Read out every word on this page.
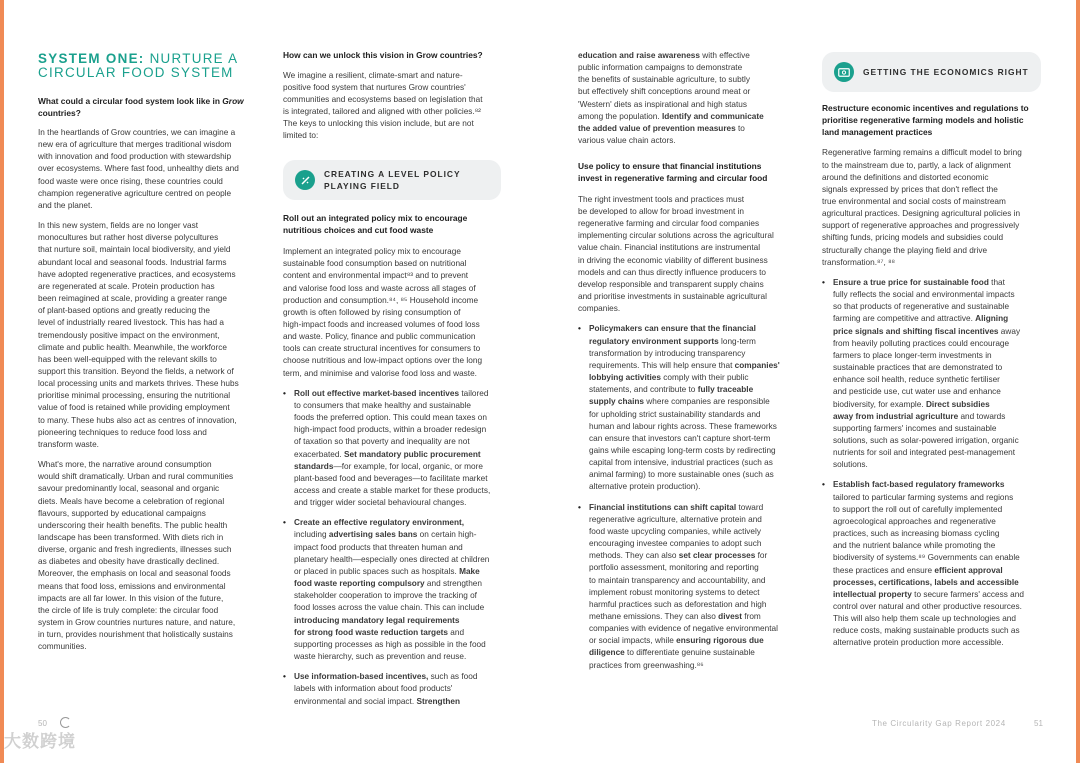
SYSTEM ONE: NURTURE A
CIRCULAR FOOD SYSTEM
What could a circular food system look like in Grow
countries?

In the heartlands of Grow countries, we can imagine a
new era of agriculture that merges traditional wisdom
with innovation and food production with stewardship
over ecosystems. Where fast food, unhealthy diets and
food waste were once rising, these countries could
champion regenerative agriculture centred on people
and the planet.

In this new system, fields are no longer vast
monocultures but rather host diverse polycultures
that nurture soil, maintain local biodiversity, and yield
abundant local and seasonal foods. Industrial farms
have adopted regenerative practices, and ecosystems
are regenerated at scale. Protein production has
been reimagined at scale, providing a greater range
of plant-based options and greatly reducing the
level of industrially reared livestock. This has had a
tremendously positive impact on the environment,
climate and public health. Meanwhile, the workforce
has been well-equipped with the relevant skills to
support this transition. Beyond the fields, a network of
local processing units and markets thrives. These hubs
prioritise minimal processing, ensuring the nutritional
value of food is retained while providing employment
to many. These hubs also act as centres of innovation,
pioneering techniques to reduce food loss and
transform waste.

What's more, the narrative around consumption
would shift dramatically. Urban and rural communities
savour predominantly local, seasonal and organic
diets. Meals have become a celebration of regional
flavours, supported by educational campaigns
underscoring their health benefits. The public health
landscape has been transformed. With diets rich in
diverse, organic and fresh ingredients, illnesses such
as diabetes and obesity have drastically declined.
Moreover, the emphasis on local and seasonal foods
means that food loss, emissions and environmental
impacts are all far lower. In this vision of the future,
the circle of life is truly complete: the circular food
system in Grow countries nurtures nature, and nature,
in turn, provides nourishment that holistically sustains
communities.

How can we unlock this vision in Grow countries?

We imagine a resilient, climate-smart and nature-
positive food system that nurtures Grow countries'
communities and ecosystems based on legislation that
is integrated, tailored and aligned with other policies.⁸²
The keys to unlocking this vision include, but are not
limited to:

CREATING A LEVEL POLICY
PLAYING FIELD
Roll out an integrated policy mix to encourage
nutritious choices and cut food waste

Implement an integrated policy mix to encourage
sustainable food consumption based on nutritional
content and environmental impact⁸³ and to prevent
and valorise food loss and waste across all stages of
production and consumption.⁸⁴, ⁸⁵ Household income
growth is often followed by rising consumption of
high-impact foods and increased volumes of food loss
and waste. Policy, finance and public communication
tools can create structural incentives for consumers to
choose nutritious and low-impact options over the long
term, and minimise and valorise food loss and waste.

• Roll out effective market-based incentives tailored
to consumers that make healthy and sustainable
foods the preferred option. This could mean taxes on
high-impact food products, within a broader redesign
of taxation so that poverty and inequality are not
exacerbated. Set mandatory public procurement
standards—for example, for local, organic, or more
plant-based food and beverages—to facilitate market
access and create a stable market for these products,
and trigger wider societal behavioural changes.
• Create an effective regulatory environment,
including advertising sales bans on certain high-
impact food products that threaten human and
planetary health—especially ones directed at children
or placed in public spaces such as hospitals. Make
food waste reporting compulsory and strengthen
stakeholder cooperation to improve the tracking of
food losses across the value chain. This can include
introducing mandatory legal requirements
for strong food waste reduction targets and
supporting processes as high as possible in the food
waste hierarchy, such as prevention and reuse.
• Use information-based incentives, such as food
labels with information about food products'
environmental and social impact. Strengthen

education and raise awareness with effective
public information campaigns to demonstrate
the benefits of sustainable agriculture, to subtly
but effectively shift conceptions around meat or
'Western' diets as inspirational and high status
among the population. Identify and communicate
the added value of prevention measures to
various value chain actors.

Use policy to ensure that financial institutions
invest in regenerative farming and circular food

The right investment tools and practices must
be developed to allow for broad investment in
regenerative farming and circular food companies
implementing circular solutions across the agricultural
value chain. Financial institutions are instrumental
in driving the economic viability of different business
models and can thus directly influence producers to
develop responsible and transparent supply chains
and prioritise investments in sustainable agricultural
companies.

• Policymakers can ensure that the financial
regulatory environment supports long-term
transformation by introducing transparency
requirements. This will help ensure that companies'
lobbying activities comply with their public
statements, and contribute to fully traceable
supply chains where companies are responsible
for upholding strict sustainability standards and
human and labour rights across. These frameworks
can ensure that investors can't capture short-term
gains while escaping long-term costs by redirecting
capital from intensive, industrial practices (such as
animal farming) to more sustainable ones (such as
alternative protein production).
• Financial institutions can shift capital toward
regenerative agriculture, alternative protein and
food waste upcycling companies, while actively
encouraging investee companies to adopt such
methods. They can also set clear processes for
portfolio assessment, monitoring and reporting
to maintain transparency and accountability, and
implement robust monitoring systems to detect
harmful practices such as deforestation and high
methane emissions. They can also divest from
companies with evidence of negative environmental
or social impacts, while ensuring rigorous due
diligence to differentiate genuine sustainable
practices from greenwashing.⁸⁶
GETTING THE ECONOMICS RIGHT
Restructure economic incentives and regulations to
prioritise regenerative farming models and holistic
land management practices

Regenerative farming remains a difficult model to bring
to the mainstream due to, partly, a lack of alignment
around the definitions and distorted economic
signals expressed by prices that don't reflect the
true environmental and social costs of mainstream
agricultural practices. Designing agricultural policies in
support of regenerative approaches and progressively
shifting funds, pricing models and subsidies could
structurally change the playing field and drive
transformation.⁸⁷, ⁸⁸

• Ensure a true price for sustainable food that
fully reflects the social and environmental impacts
so that products of regenerative and sustainable
farming are competitive and attractive. Aligning
price signals and shifting fiscal incentives away
from heavily polluting practices could encourage
farmers to place longer-term investments in
sustainable practices that are demonstrated to
enhance soil health, reduce synthetic fertiliser
and pesticide use, cut water use and enhance
biodiversity, for example. Direct subsidies
away from industrial agriculture and towards
supporting farmers' incomes and sustainable
solutions, such as solar-powered irrigation, organic
nutrients for soil and integrated pest-management
solutions.
• Establish fact-based regulatory frameworks
tailored to particular farming systems and regions
to support the roll out of carefully implemented
agroecological approaches and regenerative
practices, such as increasing biomass cycling
and the nutrient balance while promoting the
biodiversity of systems.⁸⁹ Governments can enable
these practices and ensure efficient approval
processes, certifications, labels and accessible
intellectual property to secure farmers' access and
control over natural and other productive resources.
This will also help them scale up technologies and
reduce costs, making sustainable products such as
alternative protein production more accessible.
50	The Circularity Gap Report 2024	51
大数跨境
